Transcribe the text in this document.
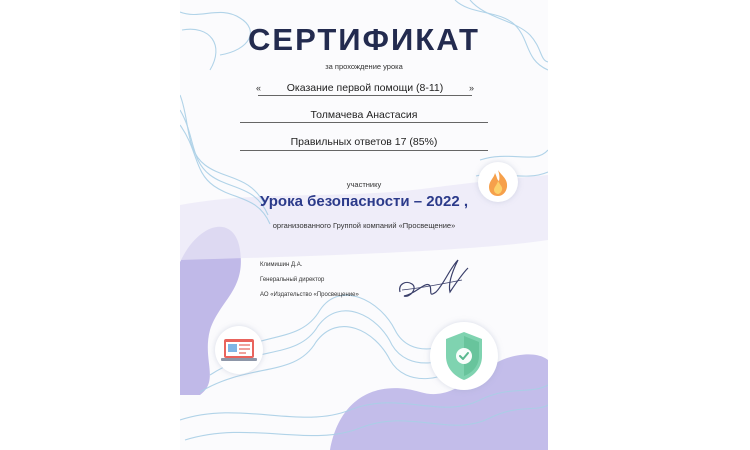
СЕРТИФИКАТ
за прохождение урока
«	Оказание первой помощи (8-11)	»
Толмачева Анастасия
Правильных ответов 17 (85%)
участнику
Урока безопасности – 2022 ,
организованного Группой компаний «Просвещение»
Климишин Д.А.
Генеральный директор
АО «Издательство «Просвещение»
